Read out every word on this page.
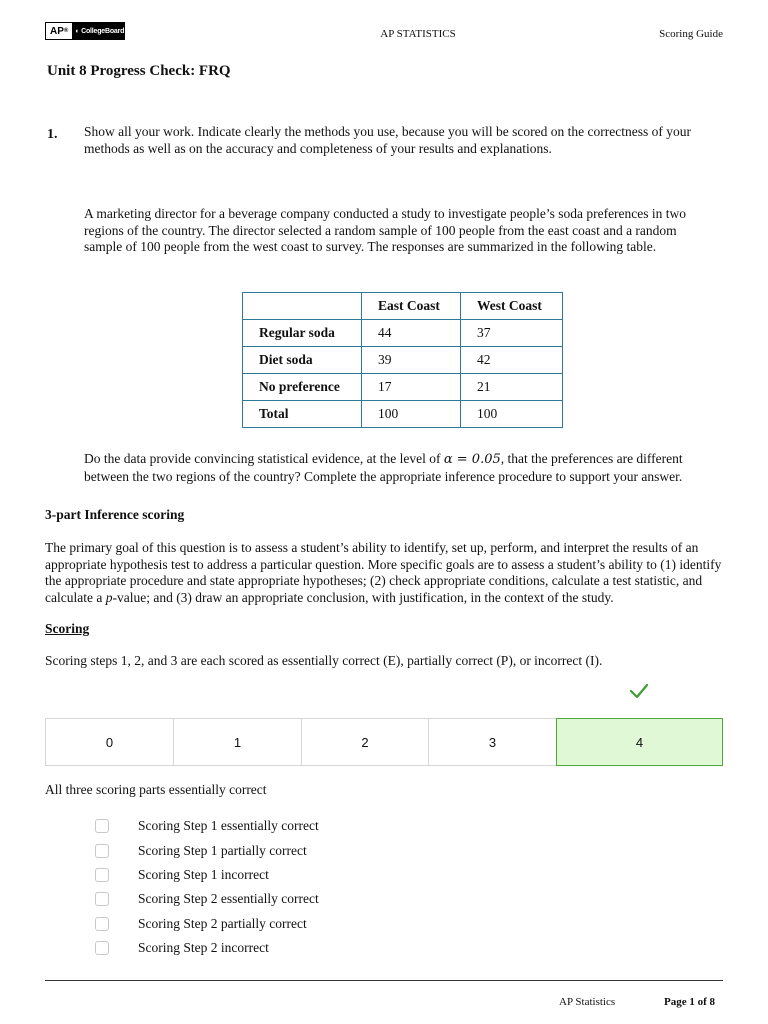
AP ®	◐ CollegeBoard	AP STATISTICS	Scoring Guide
Unit 8 Progress Check: FRQ
1. Show all your work. Indicate clearly the methods you use, because you will be scored on the correctness of your methods as well as on the accuracy and completeness of your results and explanations.
A marketing director for a beverage company conducted a study to investigate people’s soda preferences in two regions of the country. The director selected a random sample of 100 people from the east coast and a random sample of 100 people from the west coast to survey. The responses are summarized in the following table.
	East Coast	West Coast
Regular soda	44	37
Diet soda	39	42
No preference	17	21
Total	100	100
Do the data provide convincing statistical evidence, at the level of α = 0.05, that the preferences are different between the two regions of the country? Complete the appropriate inference procedure to support your answer.
3-part Inference scoring
The primary goal of this question is to assess a student’s ability to identify, set up, perform, and interpret the results of an appropriate hypothesis test to address a particular question. More specific goals are to assess a student’s ability to (1) identify the appropriate procedure and state appropriate hypotheses; (2) check appropriate conditions, calculate a test statistic, and calculate a p-value; and (3) draw an appropriate conclusion, with justification, in the context of the study.
Scoring
Scoring steps 1, 2, and 3 are each scored as essentially correct (E), partially correct (P), or incorrect (I).
0	1	2	3	4
All three scoring parts essentially correct
Scoring Step 1 essentially correct
Scoring Step 1 partially correct
Scoring Step 1 incorrect
Scoring Step 2 essentially correct
Scoring Step 2 partially correct
Scoring Step 2 incorrect
AP Statistics	Page 1 of 8
